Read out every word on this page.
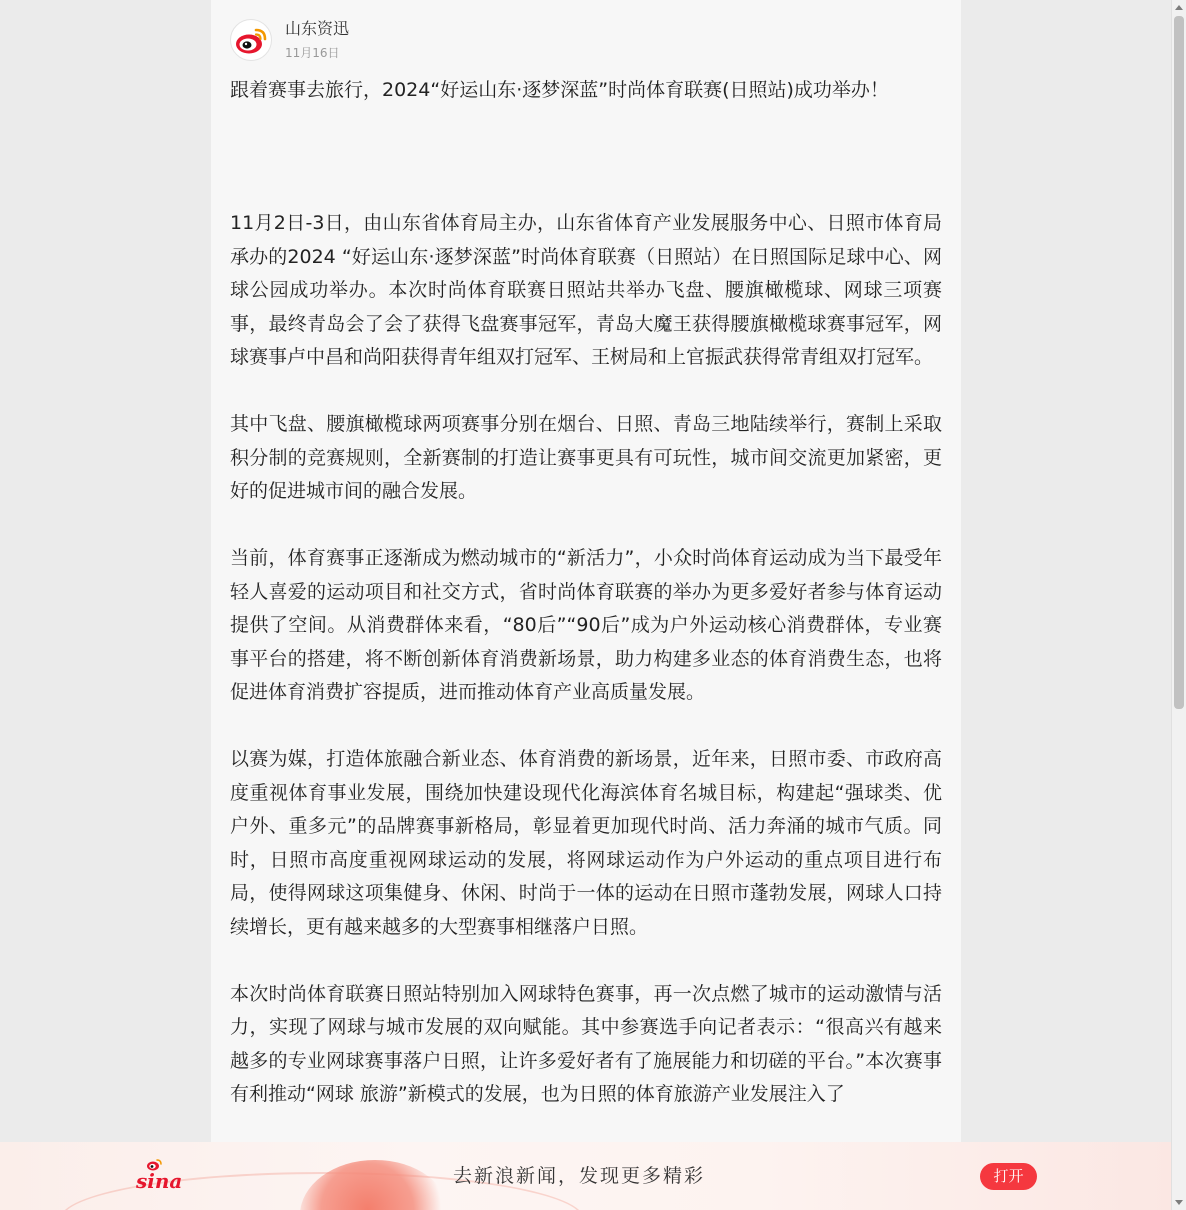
山东资迅
11月16日
跟着赛事去旅行，2024“好运山东·逐梦深蓝”时尚体育联赛(日照站)成功举办！

11月2日-3日，由山东省体育局主办，山东省体育产业发展服务中心、日照市体育局承办的2024 “好运山东·逐梦深蓝”时尚体育联赛（日照站）在日照国际足球中心、网球公园成功举办。本次时尚体育联赛日照站共举办飞盘、腰旗橄榄球、网球三项赛事，最终青岛会了会了获得飞盘赛事冠军，青岛大魔王获得腰旗橄榄球赛事冠军，网球赛事卢中昌和尚阳获得青年组双打冠军、王树局和上官振武获得常青组双打冠军。

其中飞盘、腰旗橄榄球两项赛事分别在烟台、日照、青岛三地陆续举行，赛制上采取积分制的竞赛规则，全新赛制的打造让赛事更具有可玩性，城市间交流更加紧密，更好的促进城市间的融合发展。

当前，体育赛事正逐渐成为燃动城市的“新活力”，小众时尚体育运动成为当下最受年轻人喜爱的运动项目和社交方式，省时尚体育联赛的举办为更多爱好者参与体育运动提供了空间。从消费群体来看，“80后”“90后”成为户外运动核心消费群体，专业赛事平台的搭建，将不断创新体育消费新场景，助力构建多业态的体育消费生态，也将促进体育消费扩容提质，进而推动体育产业高质量发展。

以赛为媒，打造体旅融合新业态、体育消费的新场景，近年来，日照市委、市政府高度重视体育事业发展，围绕加快建设现代化海滨体育名城目标，构建起“强球类、优户外、重多元”的品牌赛事新格局，彰显着更加现代时尚、活力奔涌的城市气质。同时，日照市高度重视网球运动的发展，将网球运动作为户外运动的重点项目进行布局，使得网球这项集健身、休闲、时尚于一体的运动在日照市蓬勃发展，网球人口持续增长，更有越来越多的大型赛事相继落户日照。

本次时尚体育联赛日照站特别加入网球特色赛事，再一次点燃了城市的运动激情与活力，实现了网球与城市发展的双向赋能。其中参赛选手向记者表示：“很高兴有越来越多的专业网球赛事落户日照，让许多爱好者有了施展能力和切磋的平台。”本次赛事有利推动“网球 旅游”新模式的发展，也为日照的体育旅游产业发展注入了

sina	去新浪新闻，发现更多精彩	打开
